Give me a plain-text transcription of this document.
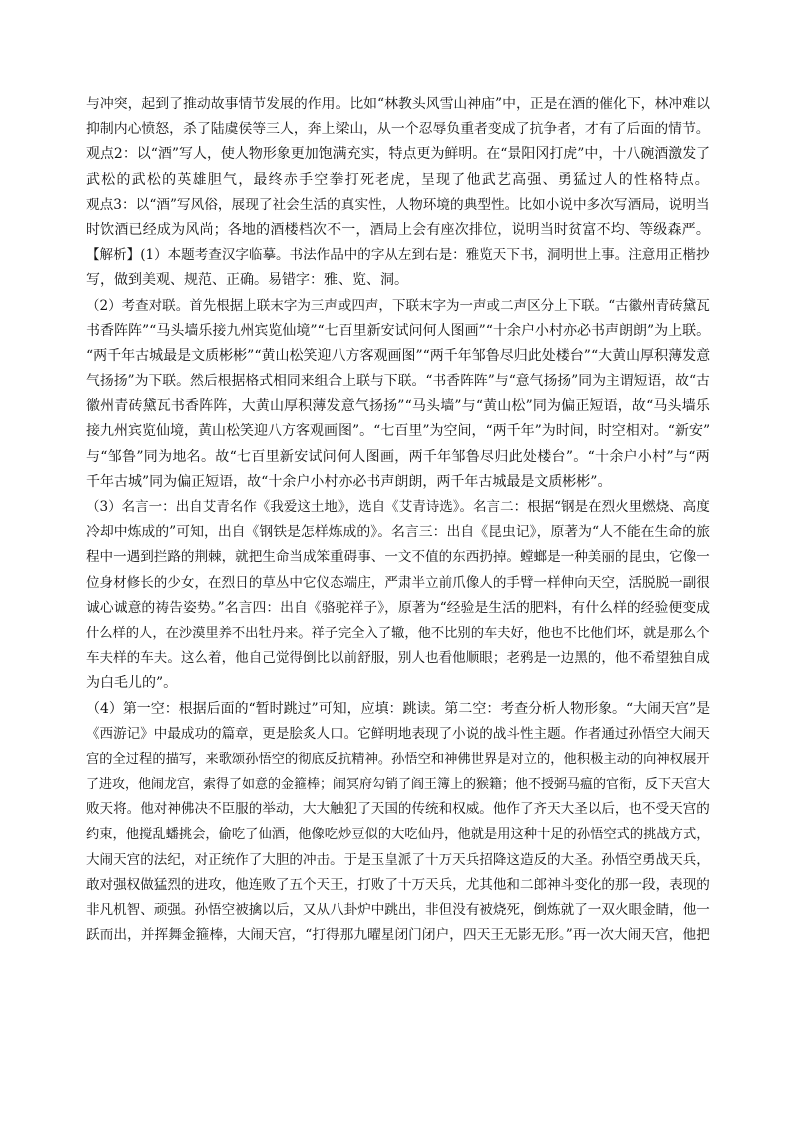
与冲突，起到了推动故事情节发展的作用。比如“林教头风雪山神庙”中，正是在酒的催化下，林冲难以
抑制内心愤怒，杀了陆虞侯等三人，奔上梁山，从一个忍辱负重者变成了抗争者，才有了后面的情节。
观点2：以“酒”写人，使人物形象更加饱满充实，特点更为鲜明。在“景阳冈打虎”中，十八碗酒激发了
武松的武松的英雄胆气，最终赤手空拳打死老虎，呈现了他武艺高强、勇猛过人的性格特点。
观点3：以“酒”写风俗，展现了社会生活的真实性，人物环境的典型性。比如小说中多次写酒局，说明当
时饮酒已经成为风尚；各地的酒楼档次不一，酒局上会有座次排位，说明当时贫富不均、等级森严。
【解析】(1）本题考查汉字临摹。书法作品中的字从左到右是：雅览天下书，洞明世上事。注意用正楷抄
写，做到美观、规范、正确。易错字：雅、览、洞。
（2）考查对联。首先根据上联末字为三声或四声，下联末字为一声或二声区分上下联。“古徽州青砖黛瓦
书香阵阵”“马头墙乐接九州宾览仙境”“七百里新安试问何人图画”“十余户小村亦必书声朗朗”为上联。
“两千年古城最是文质彬彬”“黄山松笑迎八方客观画图”“两千年邹鲁尽归此处楼台”“大黄山厚积薄发意
气扬扬”为下联。然后根据格式相同来组合上联与下联。“书香阵阵”与“意气扬扬”同为主谓短语，故“古
徽州青砖黛瓦书香阵阵，大黄山厚积薄发意气扬扬”“马头墙”与“黄山松”同为偏正短语，故“马头墙乐
接九州宾览仙境，黄山松笑迎八方客观画图”。“七百里”为空间，“两千年”为时间，时空相对。“新安”
与“邹鲁”同为地名。故“七百里新安试问何人图画，两千年邹鲁尽归此处楼台”。“十余户小村”与“两
千年古城”同为偏正短语，故“十余户小村亦必书声朗朗，两千年古城最是文质彬彬”。
（3）名言一：出自艾青名作《我爱这土地》，选自《艾青诗选》。名言二：根据“钢是在烈火里燃烧、高度
冷却中炼成的”可知，出自《钢铁是怎样炼成的》。名言三：出自《昆虫记》，原著为“人不能在生命的旅
程中一遇到拦路的荆棘，就把生命当成笨重碍事、一文不值的东西扔掉。螳螂是一种美丽的昆虫，它像一
位身材修长的少女，在烈日的草丛中它仪态端庄，严肃半立前爪像人的手臂一样伸向天空，活脱脱一副很
诚心诚意的祷告姿势。”名言四：出自《骆驼祥子》，原著为“经验是生活的肥料，有什么样的经验便变成
什么样的人，在沙漠里养不出牡丹来。祥子完全入了辙，他不比别的车夫好，他也不比他们坏，就是那么个
车夫样的车夫。这么着，他自己觉得倒比以前舒服，别人也看他顺眼；老鸦是一边黑的，他不希望独自成
为白毛儿的”。
（4）第一空：根据后面的“暂时跳过”可知，应填：跳读。第二空：考查分析人物形象。“大闹天宫”是
《西游记》中最成功的篇章，更是脍炙人口。它鲜明地表现了小说的战斗性主题。作者通过孙悟空大闹天
宫的全过程的描写，来歌颂孙悟空的彻底反抗精神。孙悟空和神佛世界是对立的，他积极主动的向神权展开
了进攻，他闹龙宫，索得了如意的金箍棒；闹冥府勾销了阎王簿上的猴籍；他不授弼马瘟的官衔，反下天宫大
败天将。他对神佛决不臣服的举动，大大触犯了天国的传统和权威。他作了齐天大圣以后，也不受天宫的
约束，他搅乱蟠挑会，偷吃了仙酒，他像吃炒豆似的大吃仙丹，他就是用这种十足的孙悟空式的挑战方式，
大闹天宫的法纪，对正统作了大胆的冲击。于是玉皇派了十万天兵招降这造反的大圣。孙悟空勇战天兵，
敢对强权做猛烈的进攻，他连败了五个天王，打败了十万天兵，尤其他和二郎神斗变化的那一段，表现的
非凡机智、顽强。孙悟空被擒以后，又从八卦炉中跳出，非但没有被烧死，倒炼就了一双火眼金睛，他一
跃而出，并挥舞金箍棒，大闹天宫，“打得那九曜星闭门闭户，四天王无影无形。”再一次大闹天宫，他把
